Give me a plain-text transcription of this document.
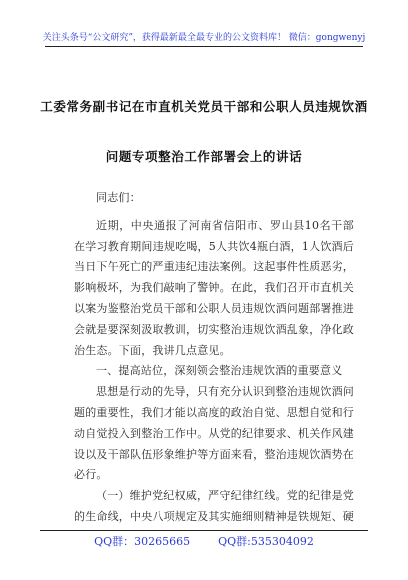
关注头条号“公文研究”，获得最新最全最专业的公文资料库！ 微信：gongwenyj
工委常务副书记在市直机关党员干部和公职人员违规饮酒
问题专项整治工作部署会上的讲话

同志们：

近期，中央通报了河南省信阳市、罗山县10名干部在学习教育期间违规吃喝，5人共饮4瓶白酒，1人饮酒后当日下午死亡的严重违纪违法案例。这起事件性质恶劣，影响极坏，为我们敲响了警钟。在此，我们召开市直机关以案为鉴整治党员干部和公职人员违规饮酒问题部署推进会就是要深刻汲取教训，切实整治违规饮酒乱象，净化政治生态。下面，我讲几点意见。

一、提高站位，深刻领会整治违规饮酒的重要意义

思想是行动的先导，只有充分认识到整治违规饮酒问题的重要性，我们才能以高度的政治自觉、思想自觉和行动自觉投入到整治工作中。从党的纪律要求、机关作风建设以及干部队伍形象维护等方面来看，整治违规饮酒势在必行。

（一）维护党纪权威，严守纪律红线。党的纪律是党的生命线，中央八项规定及其实施细则精神是铁规矩、硬

QQ群：30265665	QQ群:535304092
